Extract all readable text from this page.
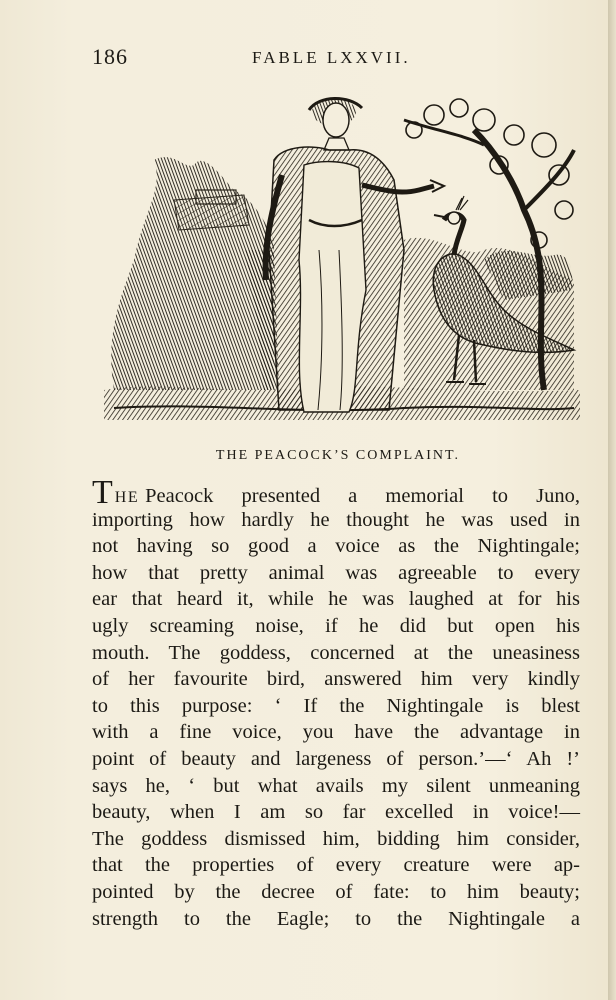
186	FABLE LXXVII.
THE PEACOCK’S COMPLAINT.
THE Peacock presented a memorial to Juno,
importing how hardly he thought he was used in
not having so good a voice as the Nightingale;
how that pretty animal was agreeable to every
ear that heard it, while he was laughed at for his
ugly screaming noise, if he did but open his
mouth. The goddess, concerned at the uneasiness
of her favourite bird, answered him very kindly
to this purpose: ‘ If the Nightingale is blest
with a fine voice, you have the advantage in
point of beauty and largeness of person.’—‘ Ah !’
says he, ‘ but what avails my silent unmeaning
beauty, when I am so far excelled in voice!—
The goddess dismissed him, bidding him consider,
that the properties of every creature were ap-
pointed by the decree of fate: to him beauty;
strength to the Eagle; to the Nightingale a
